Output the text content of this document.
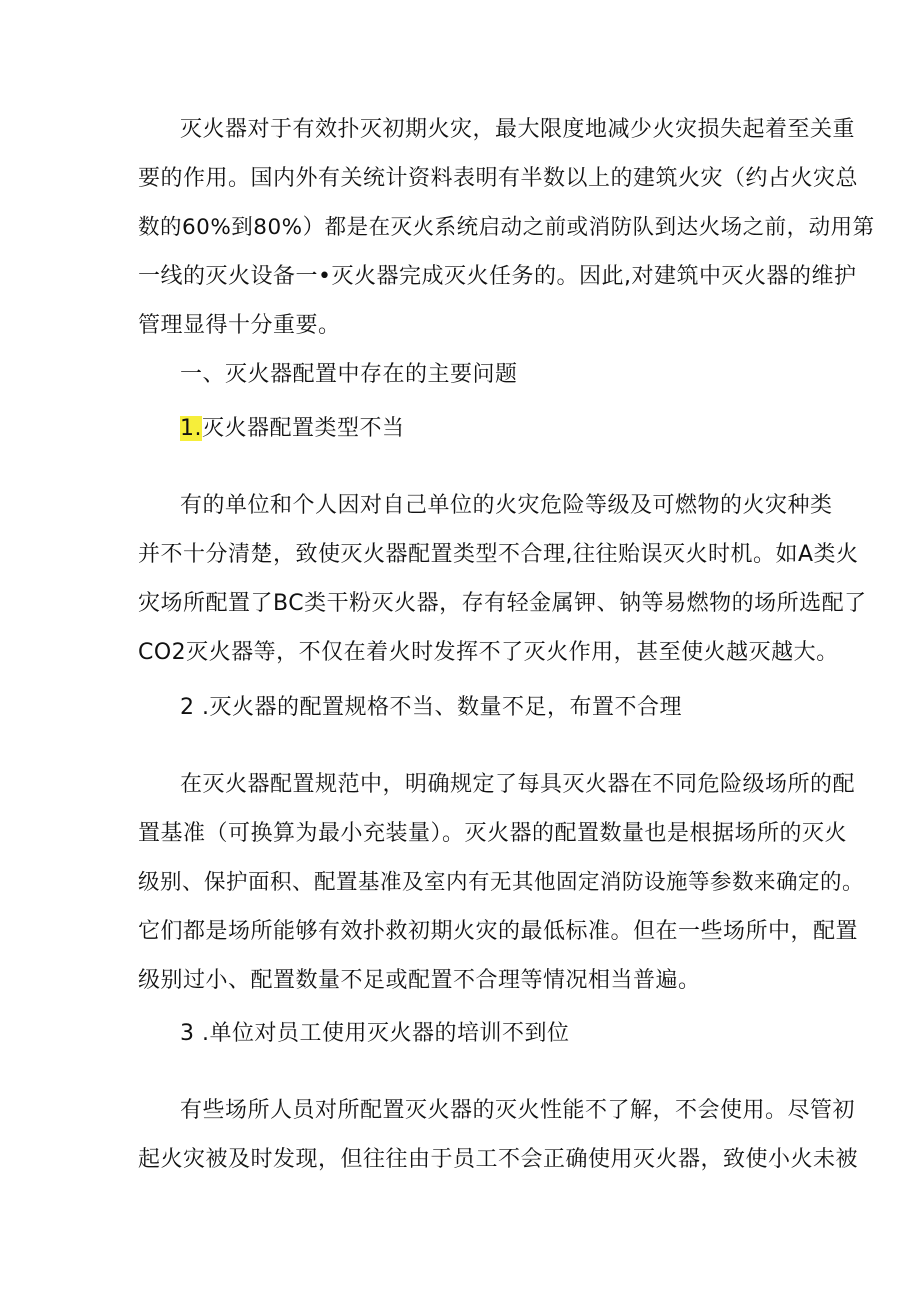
灭火器对于有效扑灭初期火灾，最大限度地减少火灾损失起着至关重
要的作用。国内外有关统计资料表明有半数以上的建筑火灾（约占火灾总
数的60%到80%）都是在灭火系统启动之前或消防队到达火场之前，动用第
一线的灭火设备一•灭火器完成灭火任务的。因此,对建筑中灭火器的维护
管理显得十分重要。
一、灭火器配置中存在的主要问题
1.灭火器配置类型不当
有的单位和个人因对自己单位的火灾危险等级及可燃物的火灾种类
并不十分清楚，致使灭火器配置类型不合理,往往贻误灭火时机。如A类火
灾场所配置了BC类干粉灭火器，存有轻金属钾、钠等易燃物的场所选配了
CO2灭火器等，不仅在着火时发挥不了灭火作用，甚至使火越灭越大。
2 .灭火器的配置规格不当、数量不足，布置不合理
在灭火器配置规范中，明确规定了每具灭火器在不同危险级场所的配
置基准（可换算为最小充装量）。灭火器的配置数量也是根据场所的灭火
级别、保护面积、配置基准及室内有无其他固定消防设施等参数来确定的。
它们都是场所能够有效扑救初期火灾的最低标准。但在一些场所中，配置
级别过小、配置数量不足或配置不合理等情况相当普遍。
3 .单位对员工使用灭火器的培训不到位
有些场所人员对所配置灭火器的灭火性能不了解，不会使用。尽管初
起火灾被及时发现，但往往由于员工不会正确使用灭火器，致使小火未被
